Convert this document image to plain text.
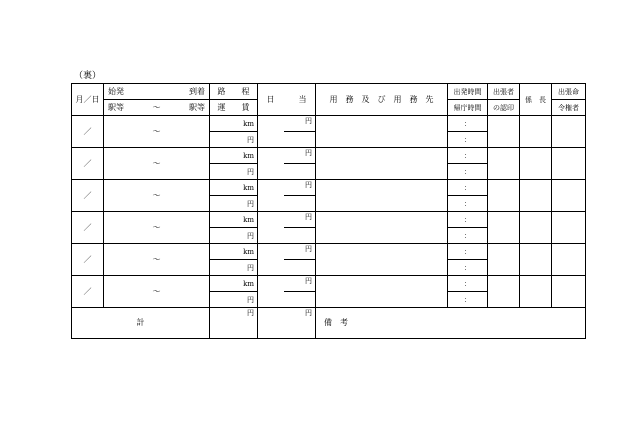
（裏）
月／日	始発 到着	路　　程	日　　　当		用　務　及　び　用　務　先	出発時間	出張者	係　長	出張命

	駅等 ～ 駅等	運　　賃				帰庁時間	の認印		令権者
／	～	km		円		：			
		円				：			
／	～	km		円		：			
		円				：			
／	～	km		円		：			
		円				：			
／	～	km		円		：			
		円				：			
／	～	km		円		：			
		円				：			
／	～	km		円		：			
		円				：			
計		円		円	備　考				
